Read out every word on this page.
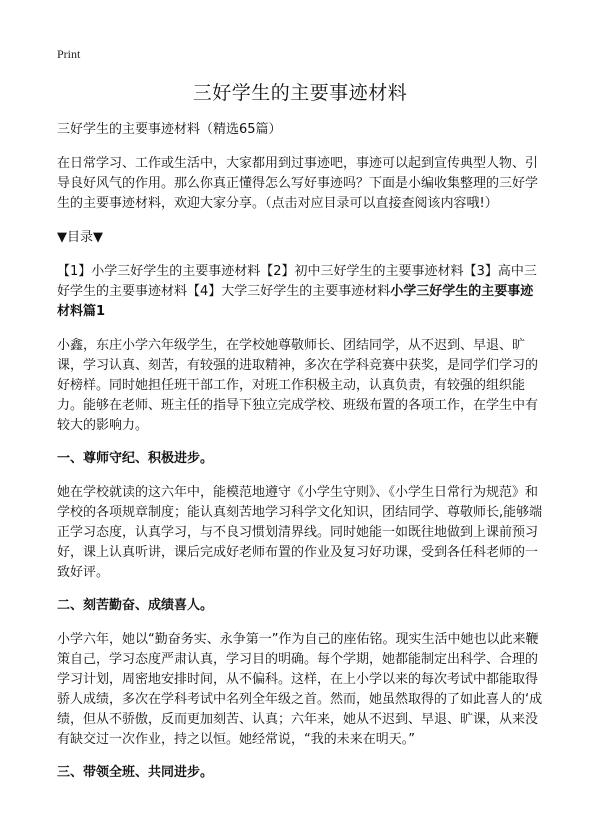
Print
三好学生的主要事迹材料

三好学生的主要事迹材料（精选65篇）

在日常学习、工作或生活中，大家都用到过事迹吧，事迹可以起到宣传典型人物、引导良好风气的作用。那么你真正懂得怎么写好事迹吗？下面是小编收集整理的三好学生的主要事迹材料，欢迎大家分享。（点击对应目录可以直接查阅该内容哦!）

▼目录▼

【1】小学三好学生的主要事迹材料【2】初中三好学生的主要事迹材料【3】高中三好学生的主要事迹材料【4】大学三好学生的主要事迹材料小学三好学生的主要事迹材料篇1

小鑫，东庄小学六年级学生，在学校她尊敬师长、团结同学，从不迟到、早退、旷课，学习认真、刻苦，有较强的进取精神，多次在学科竞赛中获奖，是同学们学习的好榜样。同时她担任班干部工作，对班工作积极主动，认真负责，有较强的组织能力。能够在老师、班主任的指导下独立完成学校、班级布置的各项工作，在学生中有较大的影响力。

一、尊师守纪、积极进步。

她在学校就读的这六年中，能模范地遵守《小学生守则》、《小学生日常行为规范》和学校的各项规章制度；能认真刻苦地学习科学文化知识，团结同学、尊敬师长,能够端正学习态度，认真学习，与不良习惯划清界线。同时她能一如既往地做到上课前预习好，课上认真听讲，课后完成好老师布置的作业及复习好功课，受到各任科老师的一致好评。

二、刻苦勤奋、成绩喜人。

小学六年，她以“勤奋务实、永争第一”作为自己的座佑铭。现实生活中她也以此来鞭策自己，学习态度严肃认真，学习目的明确。每个学期，她都能制定出科学、合理的学习计划，周密地安排时间，从不偏科。这样，在上小学以来的每次考试中都能取得骄人成绩，多次在学科考试中名列全年级之首。然而，她虽然取得的了如此喜人的‘成绩，但从不骄傲，反而更加刻苦、认真；六年来，她从不迟到、早退、旷课，从来没有缺交过一次作业，持之以恒。她经常说，“我的未来在明天。”

三、带领全班、共同进步。
